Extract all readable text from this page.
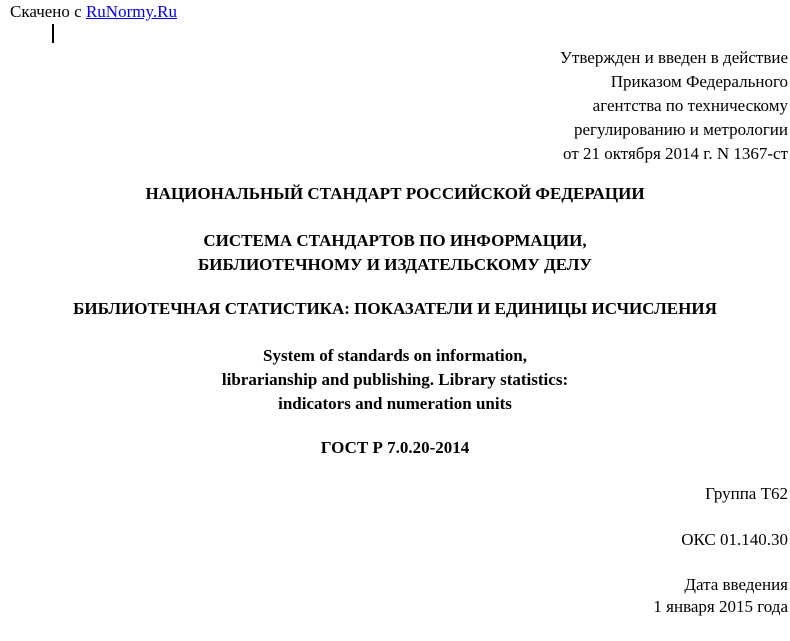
Скачено с RuNormy.Ru
Утвержден и введен в действие
Приказом Федерального
агентства по техническому
регулированию и метрологии
от 21 октября 2014 г. N 1367-ст
НАЦИОНАЛЬНЫЙ СТАНДАРТ РОССИЙСКОЙ ФЕДЕРАЦИИ
СИСТЕМА СТАНДАРТОВ ПО ИНФОРМАЦИИ,
БИБЛИОТЕЧНОМУ И ИЗДАТЕЛЬСКОМУ ДЕЛУ
БИБЛИОТЕЧНАЯ СТАТИСТИКА: ПОКАЗАТЕЛИ И ЕДИНИЦЫ ИСЧИСЛЕНИЯ
System of standards on information,
librarianship and publishing. Library statistics:
indicators and numeration units
ГОСТ Р 7.0.20-2014
Группа Т62
ОКС 01.140.30
Дата введения
1 января 2015 года
